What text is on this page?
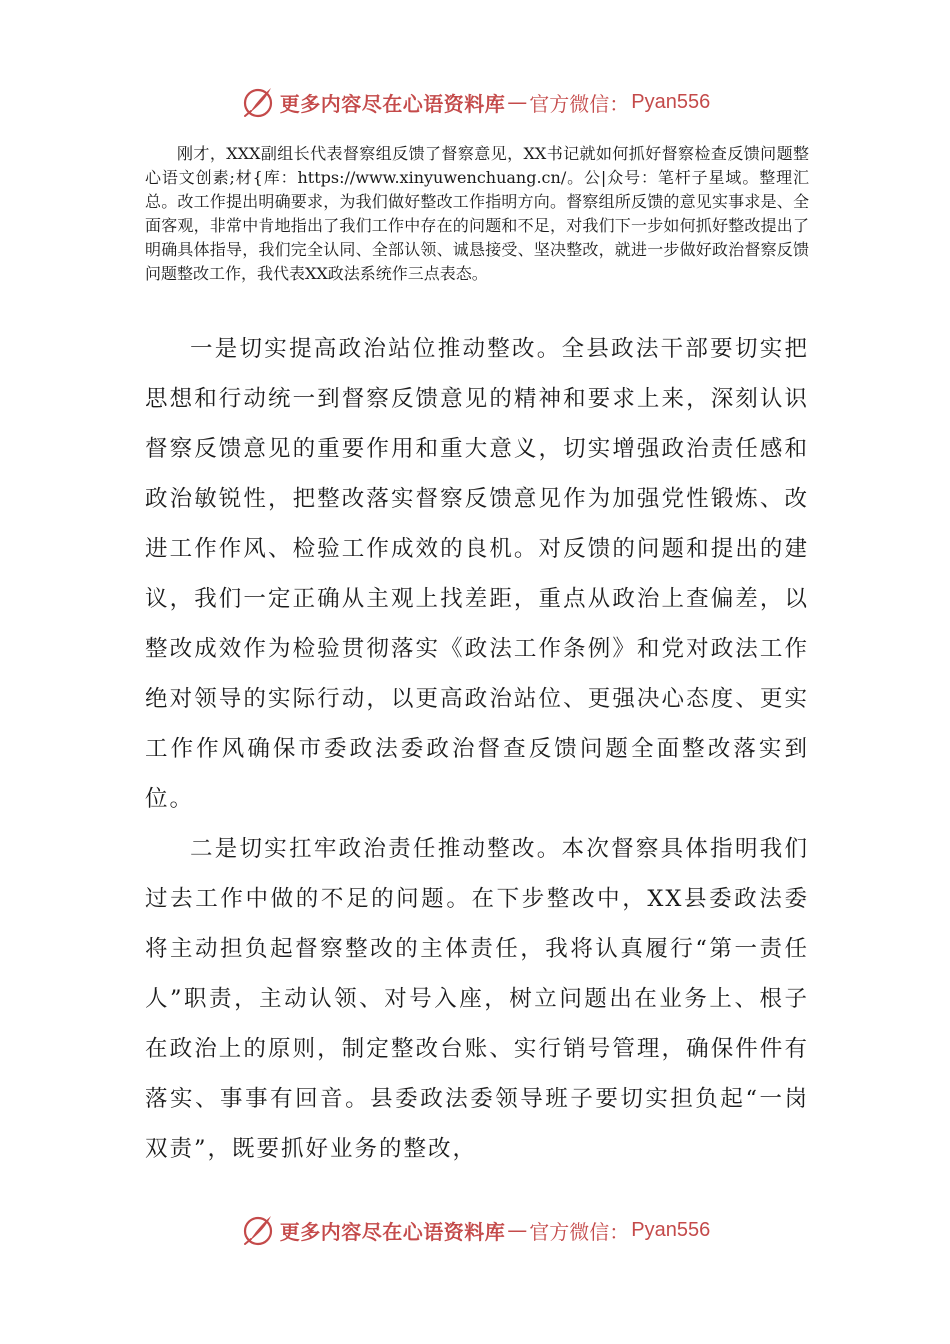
更多内容尽在心语资料库 — 官方微信： Pyan556

刚才，XXX副组长代表督察组反馈了督察意见，XX书记就如何抓好督察检查反馈问题整心语文创素;材{库：https://www.xinyuwenchuang.cn/。公|众号：笔杆子星域。整理汇总。改工作提出明确要求，为我们做好整改工作指明方向。督察组所反馈的意见实事求是、全面客观，非常中肯地指出了我们工作中存在的问题和不足，对我们下一步如何抓好整改提出了明确具体指导，我们完全认同、全部认领、诚恳接受、坚决整改，就进一步做好政治督察反馈问题整改工作，我代表XX政法系统作三点表态。

一是切实提高政治站位推动整改。全县政法干部要切实把思想和行动统一到督察反馈意见的精神和要求上来，深刻认识督察反馈意见的重要作用和重大意义，切实增强政治责任感和政治敏锐性，把整改落实督察反馈意见作为加强党性锻炼、改进工作作风、检验工作成效的良机。对反馈的问题和提出的建议，我们一定正确从主观上找差距，重点从政治上查偏差，以整改成效作为检验贯彻落实《政法工作条例》和党对政法工作绝对领导的实际行动，以更高政治站位、更强决心态度、更实工作作风确保市委政法委政治督查反馈问题全面整改落实到位。

二是切实扛牢政治责任推动整改。本次督察具体指明我们过去工作中做的不足的问题。在下步整改中，XX县委政法委将主动担负起督察整改的主体责任，我将认真履行“第一责任人”职责，主动认领、对号入座，树立问题出在业务上、根子在政治上的原则，制定整改台账、实行销号管理，确保件件有落实、事事有回音。县委政法委领导班子要切实担负起“一岗双责”，既要抓好业务的整改，

更多内容尽在心语资料库 — 官方微信： Pyan556
